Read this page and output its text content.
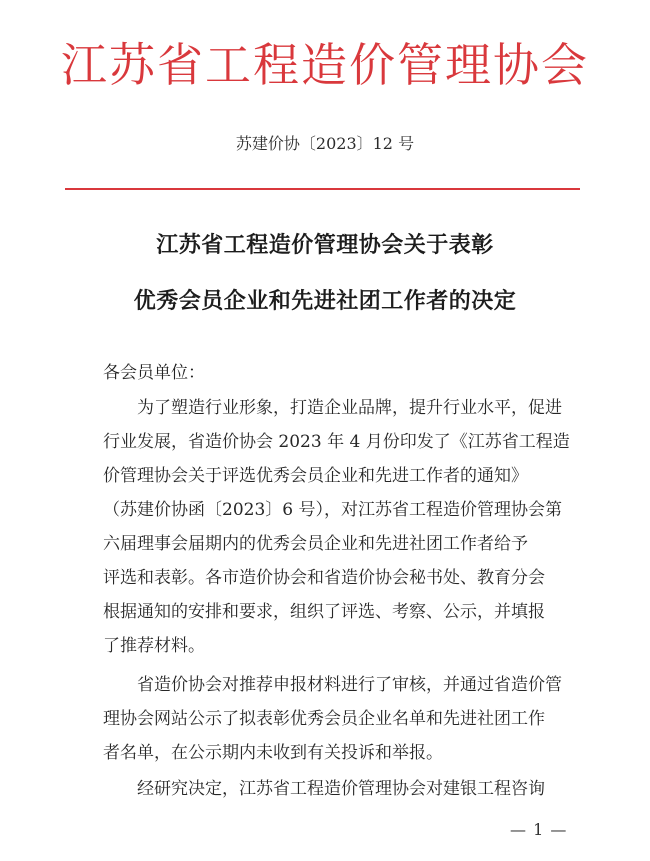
江苏省工程造价管理协会
苏建价协〔2023〕12 号
江苏省工程造价管理协会关于表彰
优秀会员企业和先进社团工作者的决定
各会员单位：
为了塑造行业形象，打造企业品牌，提升行业水平，促进
行业发展，省造价协会 2023 年 4 月份印发了《江苏省工程造
价管理协会关于评选优秀会员企业和先进工作者的通知》
（苏建价协函〔2023〕6 号），对江苏省工程造价管理协会第
六届理事会届期内的优秀会员企业和先进社团工作者给予
评选和表彰。各市造价协会和省造价协会秘书处、教育分会
根据通知的安排和要求，组织了评选、考察、公示，并填报
了推荐材料。
省造价协会对推荐申报材料进行了审核，并通过省造价管
理协会网站公示了拟表彰优秀会员企业名单和先进社团工作
者名单，在公示期内未收到有关投诉和举报。
经研究决定，江苏省工程造价管理协会对建银工程咨询
— 1 —
